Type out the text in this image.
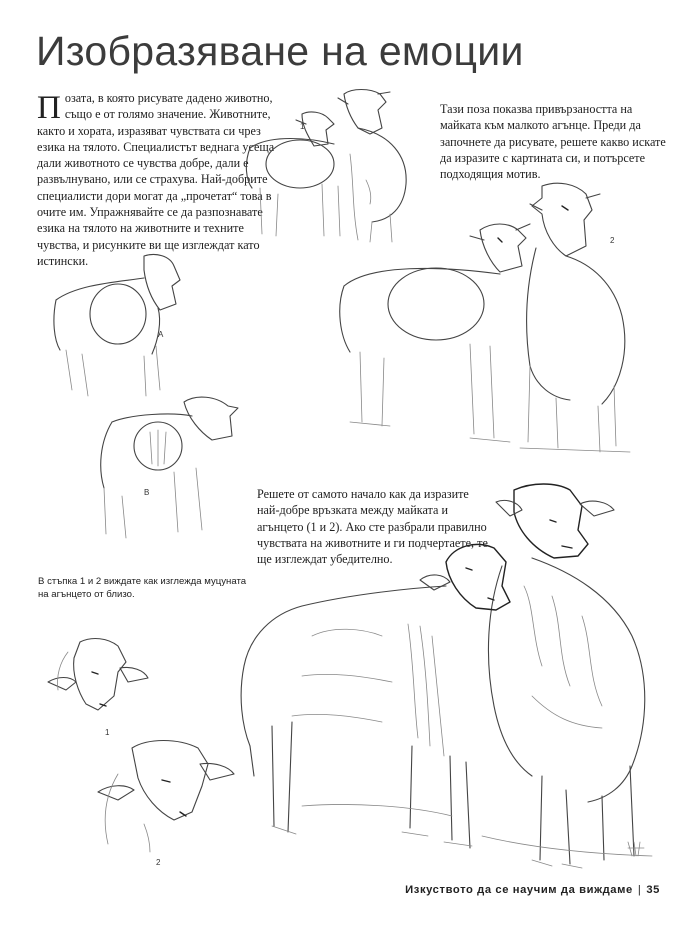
Изобразяване на емоции
Позата, в която рисувате дадено животно, също е от голямо значение. Животните, както и хората, изразяват чувствата си чрез езика на тялото. Специалистът веднага усеща дали животното се чувства добре, дали е развълнувано, или се страхува. Най-добрите специалисти дори могат да „прочетат“ това в очите им. Упражнявайте се да разпознавате езика на тялото на животните и техните чувства, и рисунките ви ще изглеждат като истински.
Тази поза показва привързаността на майката към малкото агънце. Преди да започнете да рисувате, решете какво искате да изразите с картината си, и потърсете подходящия мотив.
Решете от самото начало как да изразите най-добре връзката между майката и агънцето (1 и 2). Ако сте разбрали правилно чувствата на животните и ги подчертаете, те ще изглеждат убедително.
В стъпка 1 и 2 виждате как изглежда муцуната на агънцето от близо.
1
2
A
B
1
2
Изкуството да се научим да виждаме | 35
